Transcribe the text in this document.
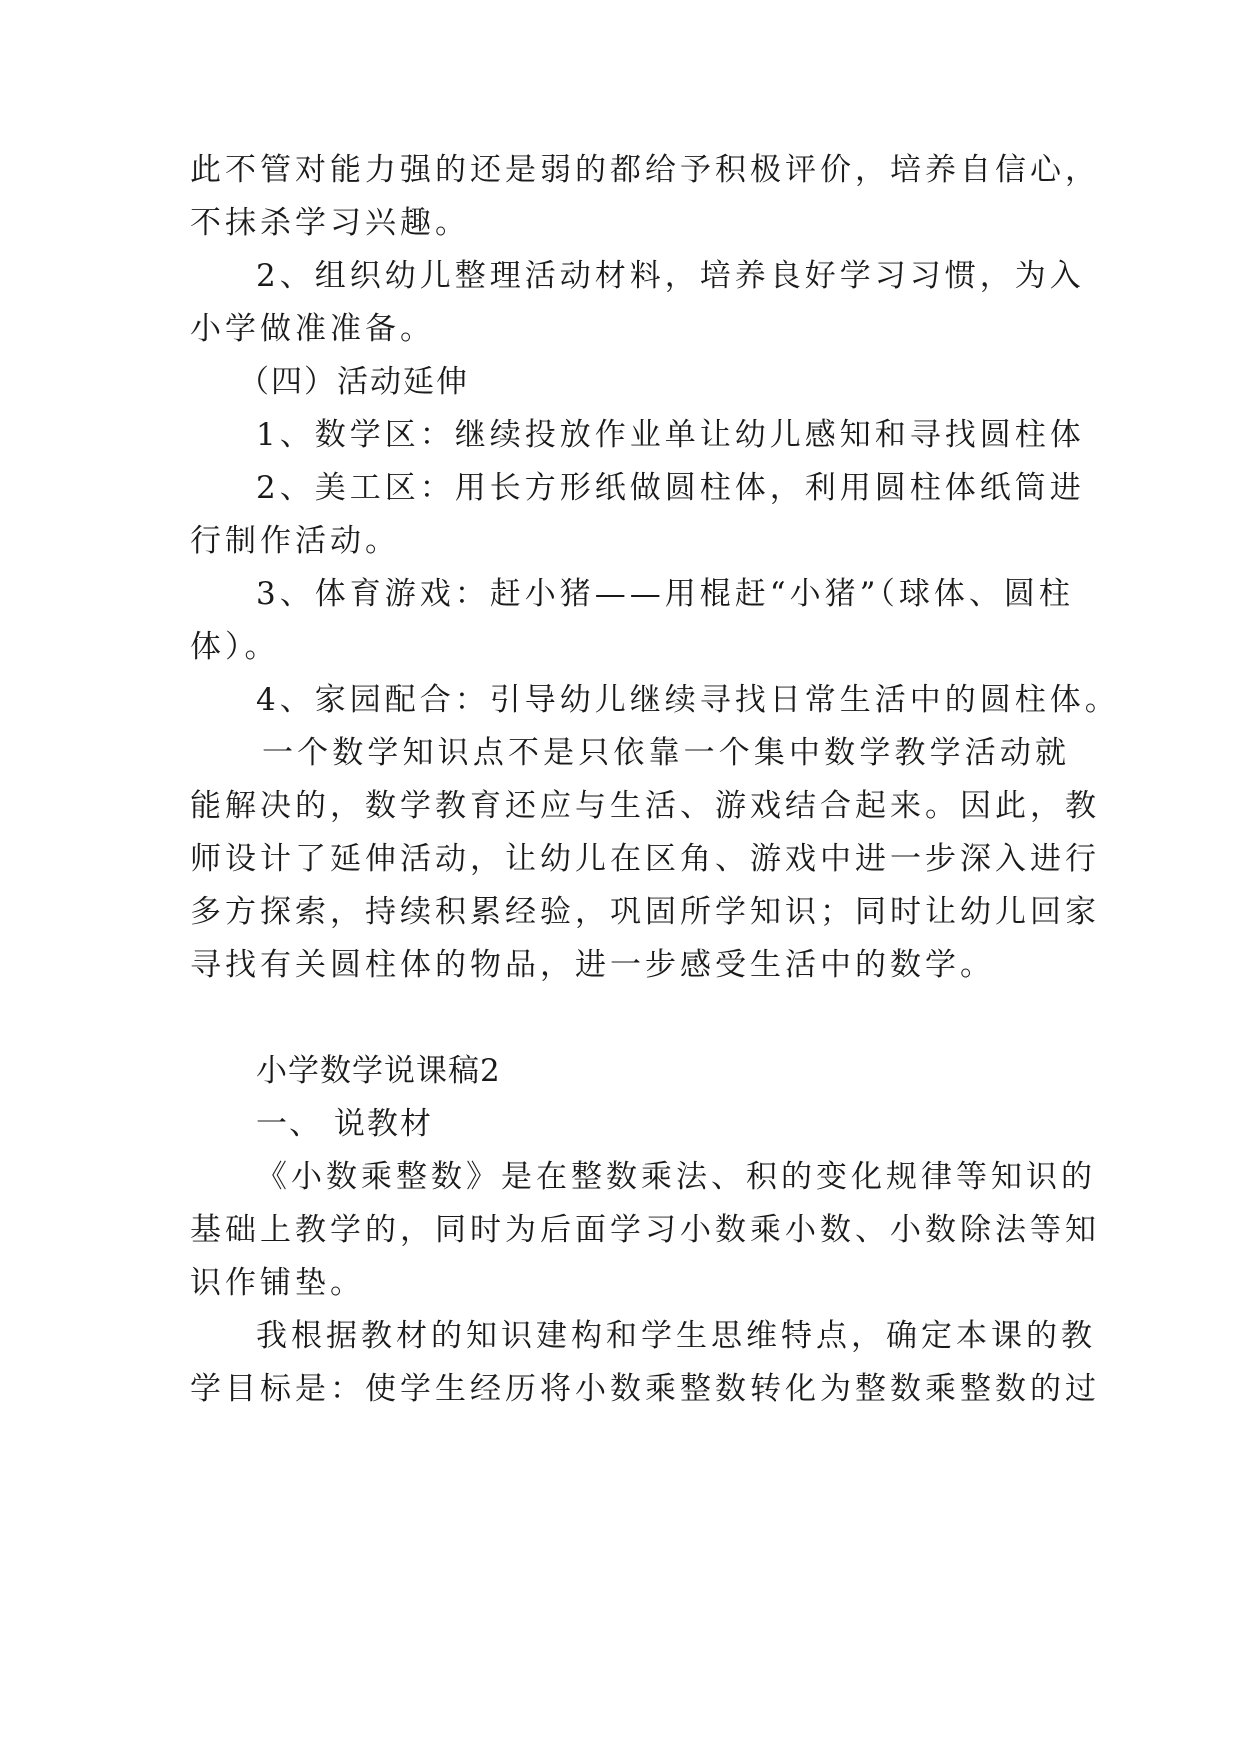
此不管对能力强的还是弱的都给予积极评价，培养自信心，
不抹杀学习兴趣。
2、组织幼儿整理活动材料，培养良好学习习惯，为入
小学做准准备。
（四）活动延伸
1、数学区：继续投放作业单让幼儿感知和寻找圆柱体
2、美工区：用长方形纸做圆柱体，利用圆柱体纸筒进
行制作活动。
3、体育游戏：赶小猪——用棍赶“小猪”（球体、圆柱
体）。
4、家园配合：引导幼儿继续寻找日常生活中的圆柱体。
一个数学知识点不是只依靠一个集中数学教学活动就
能解决的，数学教育还应与生活、游戏结合起来。因此，教
师设计了延伸活动，让幼儿在区角、游戏中进一步深入进行
多方探索，持续积累经验，巩固所学知识；同时让幼儿回家
寻找有关圆柱体的物品，进一步感受生活中的数学。
小学数学说课稿2
一、 说教材
《小数乘整数》是在整数乘法、积的变化规律等知识的
基础上教学的，同时为后面学习小数乘小数、小数除法等知
识作铺垫。
我根据教材的知识建构和学生思维特点，确定本课的教
学目标是：使学生经历将小数乘整数转化为整数乘整数的过
